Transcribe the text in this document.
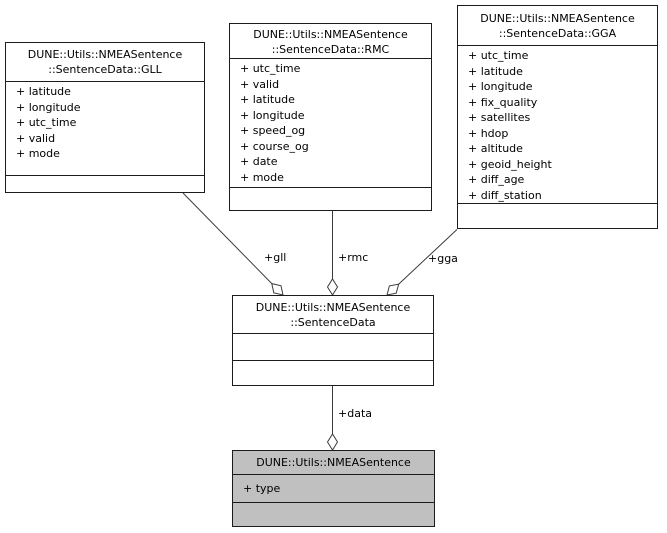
DUNE::Utils::NMEASentence
::SentenceData::GLL
+ latitude
+ longitude
+ utc_time
+ valid
+ mode
DUNE::Utils::NMEASentence
::SentenceData::RMC
+ utc_time
+ valid
+ latitude
+ longitude
+ speed_og
+ course_og
+ date
+ mode
DUNE::Utils::NMEASentence
::SentenceData::GGA
+ utc_time
+ latitude
+ longitude
+ fix_quality
+ satellites
+ hdop
+ altitude
+ geoid_height
+ diff_age
+ diff_station
DUNE::Utils::NMEASentence
::SentenceData
DUNE::Utils::NMEASentence
+ type
+gll	+rmc	+gga
+data
